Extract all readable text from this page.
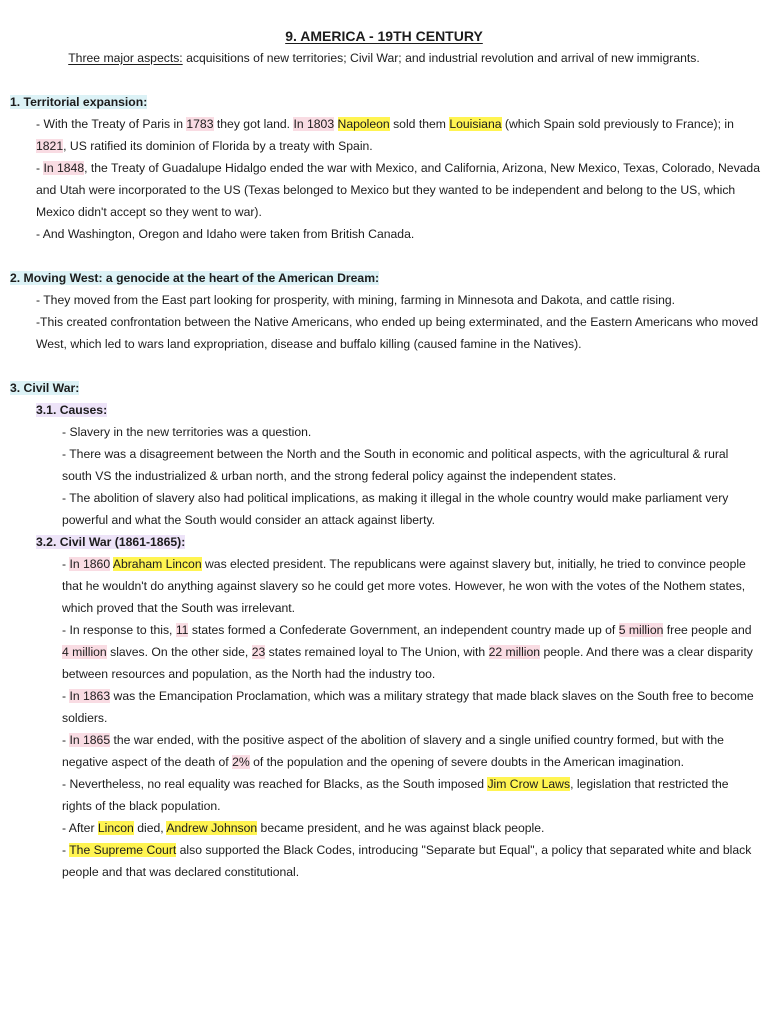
9. AMERICA - 19TH CENTURY

Three major aspects: acquisitions of new territories; Civil War; and industrial revolution and arrival of new immigrants.

1. Territorial expansion:

- With the Treaty of Paris in 1783 they got land. In 1803 Napoleon sold them Louisiana (which Spain sold previously to France); in 1821, US ratified its dominion of Florida by a treaty with Spain.

- In 1848, the Treaty of Guadalupe Hidalgo ended the war with Mexico, and California, Arizona, New Mexico, Texas, Colorado, Nevada and Utah were incorporated to the US (Texas belonged to Mexico but they wanted to be independent and belong to the US, which Mexico didn't accept so they went to war).

- And Washington, Oregon and Idaho were taken from British Canada.

2. Moving West: a genocide at the heart of the American Dream:

- They moved from the East part looking for prosperity, with mining, farming in Minnesota and Dakota, and cattle rising.

-This created confrontation between the Native Americans, who ended up being exterminated, and the Eastern Americans who moved West, which led to wars land expropriation, disease and buffalo killing (caused famine in the Natives).

3. Civil War:
3.1. Causes:

- Slavery in the new territories was a question.

- There was a disagreement between the North and the South in economic and political aspects, with the agricultural & rural south VS the industrialized & urban north, and the strong federal policy against the independent states.

- The abolition of slavery also had political implications, as making it illegal in the whole country would make parliament very powerful and what the South would consider an attack against liberty.

3.2. Civil War (1861-1865):

- In 1860 Abraham Lincon was elected president. The republicans were against slavery but, initially, he tried to convince people that he wouldn't do anything against slavery so he could get more votes. However, he won with the votes of the Nothem states, which proved that the South was irrelevant.

- In response to this, 11 states formed a Confederate Government, an independent country made up of 5 million free people and 4 million slaves. On the other side, 23 states remained loyal to The Union, with 22 million people. And there was a clear disparity between resources and population, as the North had the industry too.

- In 1863 was the Emancipation Proclamation, which was a military strategy that made black slaves on the South free to become soldiers.

- In 1865 the war ended, with the positive aspect of the abolition of slavery and a single unified country formed, but with the negative aspect of the death of 2% of the population and the opening of severe doubts in the American imagination.

- Nevertheless, no real equality was reached for Blacks, as the South imposed Jim Crow Laws, legislation that restricted the rights of the black population.

- After Lincon died, Andrew Johnson became president, and he was against black people.

- The Supreme Court also supported the Black Codes, introducing "Separate but Equal", a policy that separated white and black people and that was declared constitutional.
